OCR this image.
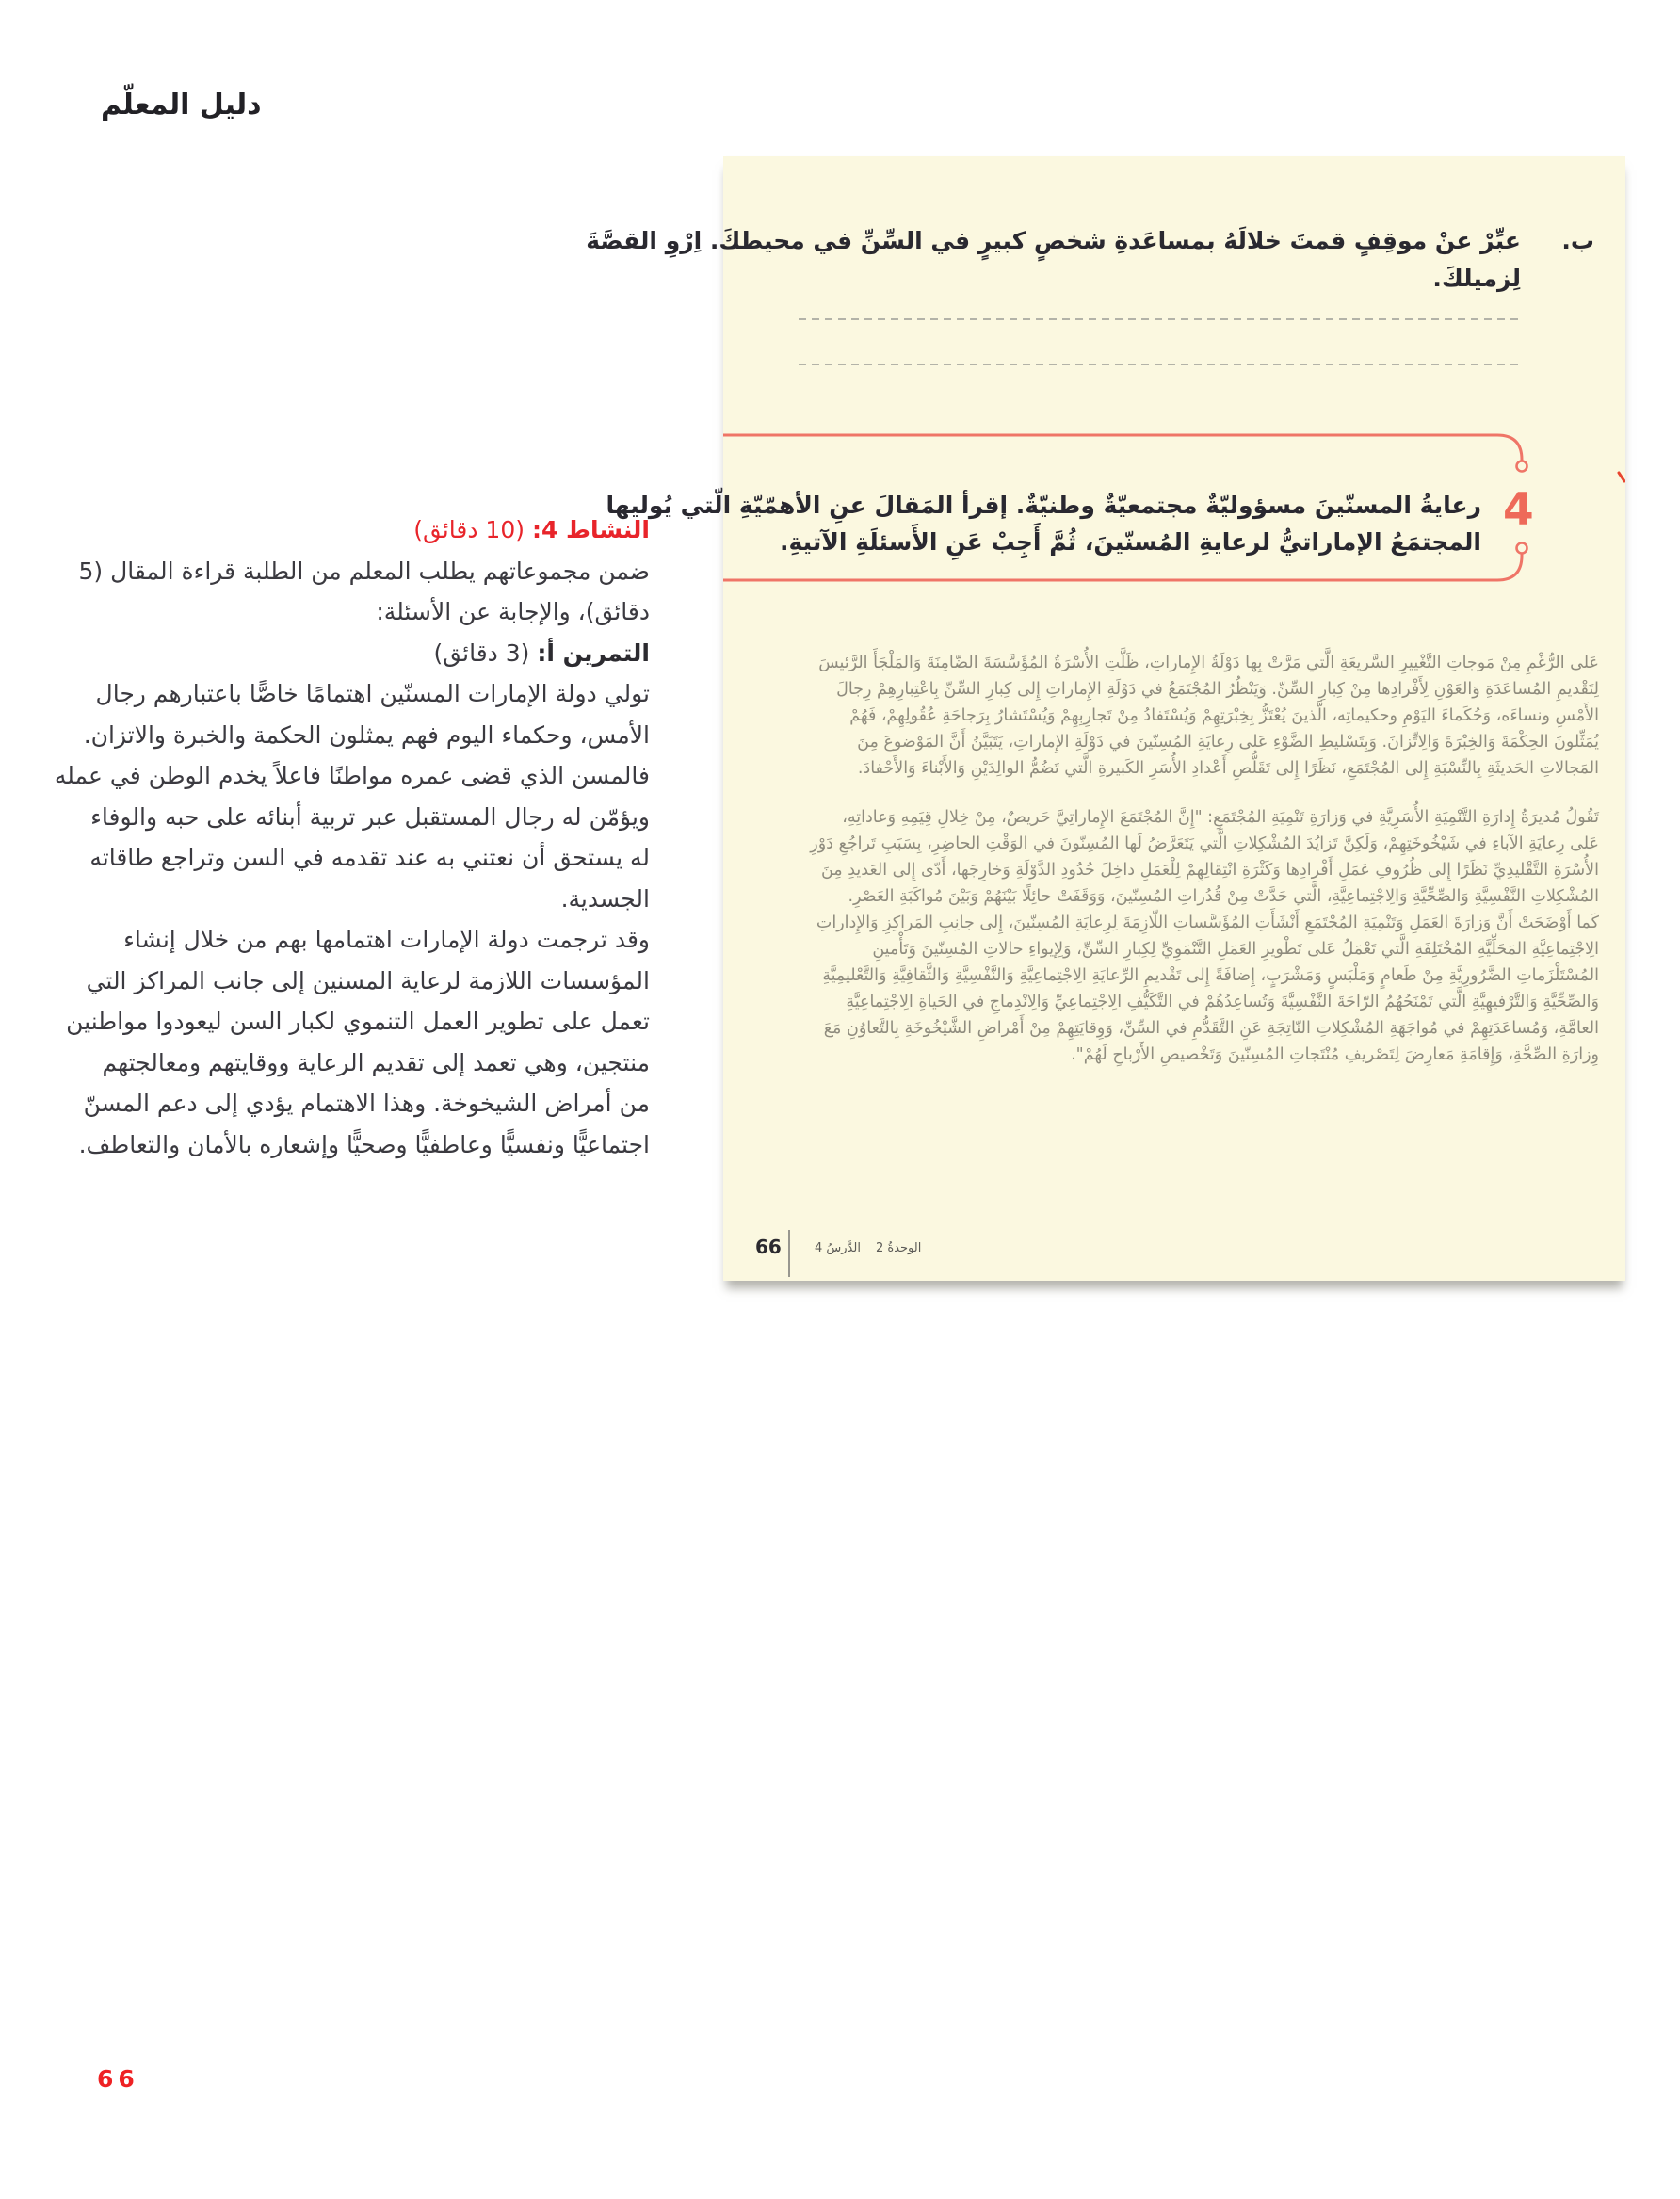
دليل المعلّم
النشاط 4: (10 دقائق)
ضمن مجموعاتهم يطلب المعلم من الطلبة قراءة المقال (5
دقائق)، والإجابة عن الأسئلة:
التمرين أ: (3 دقائق)
تولي دولة الإمارات المسنّين اهتمامًا خاصًّا باعتبارهم رجال
الأمس، وحكماء اليوم فهم يمثلون الحكمة والخبرة والاتزان.
فالمسن الذي قضى عمره مواطنًا فاعلاً يخدم الوطن في عمله
ويؤمّن له رجال المستقبل عبر تربية أبنائه على حبه والوفاء
له يستحق أن نعتني به عند تقدمه في السن وتراجع طاقاته
الجسدية.
وقد ترجمت دولة الإمارات اهتمامها بهم من خلال إنشاء
المؤسسات اللازمة لرعاية المسنين إلى جانب المراكز التي
تعمل على تطوير العمل التنموي لكبار السن ليعودوا مواطنين
منتجين، وهي تعمد إلى تقديم الرعاية ووقايتهم ومعالجتهم
من أمراض الشيخوخة. وهذا الاهتمام يؤدي إلى دعم المسنّ
اجتماعيًّا ونفسيًّا وعاطفيًّا وصحيًّا وإشعاره بالأمان والتعاطف.
66
ب.
عبِّرْ عنْ موقِفٍ قمتَ خلالَهُ بمساعَدةِ شخصٍ كبيرٍ في السِّنِّ في محيطكَ. اِرْوِ القصَّةَ
لِزميلكَ.
4
رعايةُ المسنّينَ مسؤوليّةٌ مجتمعيّةٌ وطنيّةٌ. إقرأ المَقالَ عنِ الأهمّيّةِ الّتي يُوليها
المجتمَعُ الإماراتيُّ لرعايةِ المُسنّينَ، ثُمَّ أَجِبْ عَنِ الأَسئلَةِ الآتيةِ.
عَلى الرُّغْمِ مِنْ مَوجاتِ التَّغْييرِ السَّريعَةِ الَّتي مَرَّتْ بِها دَوْلَةُ الإِماراتِ، ظَلَّتِ الأُسْرَةُ المُؤَسَّسَةَ الضّامِنَةَ وَالمَلْجَأَ الرَّئيسَ
لِتَقْديمِ المُساعَدَةِ وَالعَوْنِ لِأَفْرادِها مِنْ كِبارِ السِّنِّ. وَيَنْظُرُ المُجْتَمَعُ في دَوْلَةِ الإِماراتِ إِلى كِبارِ السِّنِّ بِاعْتِبارِهِمْ رِجالَ
الأَمْسِ ونساءَه، وَحُكَماءَ اليَوْمِ وحكيماتِه، الَّذينَ يُعْتَزُّ بِخِبْرَتِهِمْ وَيُسْتَفادُ مِنْ تَجارِبِهِمْ وَيُسْتَشارُ بِرَجاحَةِ عُقُولِهِمْ، فَهُمْ
يُمَثِّلونَ الحِكْمَةَ وَالخِبْرَةَ وَالِاتِّزانَ. وَبِتَسْليطِ الضَّوْءِ عَلى رِعايَةِ المُسِنّينَ في دَوْلَةِ الإِماراتِ، يَتَبَيَّنُ أَنَّ المَوْضوعَ مِنَ
المَجالاتِ الحَديثَةِ بِالنِّسْبَةِ إِلى المُجْتَمَعِ، نَظَرًا إِلى تَقَلُّصِ أَعْدادِ الأُسَرِ الكَبيرةِ الَّتي تَضُمُّ الوالِدَيْنِ وَالأَبْناءَ وَالأَحْفادَ.
تَقُولُ مُديرَةُ إِدارَةِ التَّنْمِيَةِ الأُسَرِيَّةِ في وَزارَةِ تَنْمِيَةِ المُجْتَمَعِ: "إِنَّ المُجْتَمَعَ الإِماراتِيَّ حَريصٌ، مِنْ خِلالِ قِيَمِهِ وَعاداتِهِ،
عَلى رِعايَةِ الآباءِ في شَيْخُوخَتِهِمْ، وَلَكِنَّ تَزايُدَ المُشْكِلاتِ الَّتي يَتَعَرَّضُ لَها المُسِنّونَ في الوَقْتِ الحاضِرِ، بِسَبَبِ تَراجُعِ دَوْرِ
الأُسْرَةِ التَّقْليدِيِّ نَظَرًا إِلى ظُرُوفِ عَمَلِ أَفْرادِها وَكَثْرَةِ انْتِقالِهِمْ لِلْعَمَلِ داخِلَ حُدُودِ الدَّوْلَةِ وَخارِجَها، أَدّى إِلى العَديدِ مِنَ
المُشْكِلاتِ النَّفْسِيَّةِ وَالصِّحِّيَّةِ وَالِاجْتِماعِيَّةِ، الَّتي حَدَّتْ مِنْ قُدُراتِ المُسِنّينَ، وَوَقَفَتْ حائِلًا بَيْنَهُمْ وَبَيْنَ مُواكَبَةِ العَصْرِ.
كَما أَوْضَحَتْ أَنَّ وَزارَةَ العَمَلِ وَتَنْمِيَةِ المُجْتَمَعِ أَنْشَأَتِ المُؤَسَّساتِ اللّازِمَةَ لِرِعايَةِ المُسِنّينَ، إِلى جانِبِ المَراكِزِ وَالإِداراتِ
الِاجْتِماعِيَّةِ المَحَلِّيَّةِ المُخْتَلِفَةِ الَّتي تَعْمَلُ عَلى تَطْويرِ العَمَلِ التَّنْمَوِيِّ لِكِبارِ السِّنِّ، وَلِإيواءِ حالاتِ المُسِنّينَ وَتَأْمينِ
المُسْتَلْزَماتِ الضَّرُورِيَّةِ مِنْ طَعامٍ وَمَلْبَسٍ وَمَشْرَبٍ، إِضافَةً إِلى تَقْديمِ الرِّعايَةِ الِاجْتِماعِيَّةِ وَالنَّفْسِيَّةِ وَالثَّقافِيَّةِ وَالتَّعْليمِيَّةِ
وَالصِّحِّيَّةِ وَالتَّرْفيهِيَّةِ الَّتي تَمْنَحُهُمُ الرّاحَةَ النَّفْسِيَّةَ وَتُساعِدُهُمْ في التَّكَيُّفِ الِاجْتِماعِيِّ وَالِانْدِماجِ في الحَياةِ الِاجْتِماعِيَّةِ
العامَّةِ، وَمُساعَدَتِهِمْ في مُواجَهَةِ المُشْكِلاتِ النّاتِجَةِ عَنِ التَّقَدُّمِ في السِّنِّ، وَوِقايَتِهِمْ مِنْ أَمْراضِ الشَّيْخُوخَةِ بِالتَّعاوُنِ مَعَ
وِزارَةِ الصِّحَّةِ، وَإِقامَةِ مَعارِضَ لِتَصْريفِ مُنْتَجاتِ المُسِنّينَ وَتَخْصيصِ الأَرْباحِ لَهُمْ".
66	الوحدةُ 2
الدَّرسُ 4
